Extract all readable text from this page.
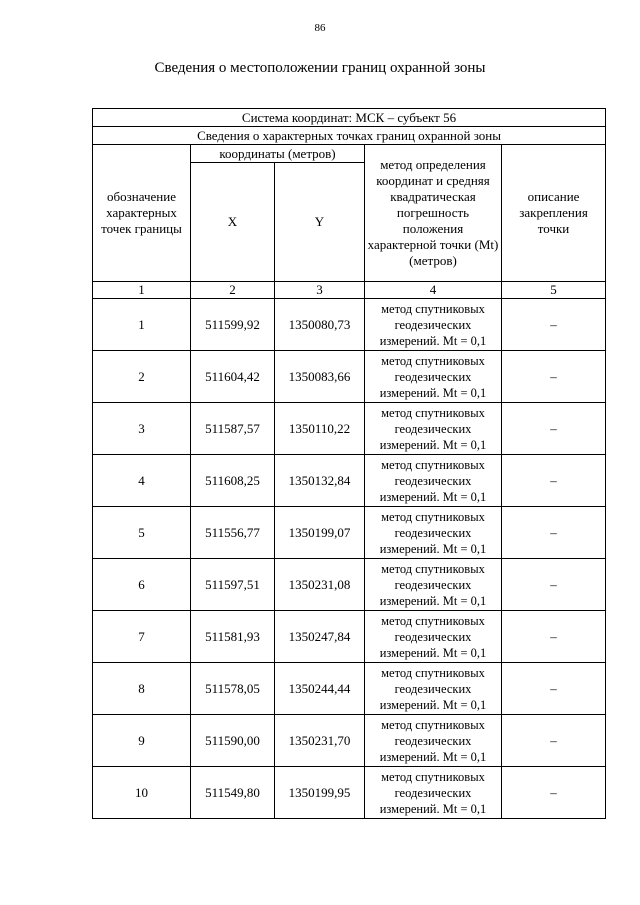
86
Сведения о местоположении границ охранной зоны
Система координат: МСК – субъект 56				
Сведения о характерных точках границ охранной зоны				
обозначение характерных точек границы	координаты (метров)		метод определения координат и средняя квадратическая погрешность положения характерной точки (Mt) (метров)	описание закрепления точки
	X	Y		
1	2	3	4	5
1	511599,92	1350080,73	метод спутниковых
геодезических
измерений. Mt = 0,1	–
2	511604,42	1350083,66	метод спутниковых
геодезических
измерений. Mt = 0,1	–
3	511587,57	1350110,22	метод спутниковых
геодезических
измерений. Mt = 0,1	–
4	511608,25	1350132,84	метод спутниковых
геодезических
измерений. Mt = 0,1	–
5	511556,77	1350199,07	метод спутниковых
геодезических
измерений. Mt = 0,1	–
6	511597,51	1350231,08	метод спутниковых
геодезических
измерений. Mt = 0,1	–
7	511581,93	1350247,84	метод спутниковых
геодезических
измерений. Mt = 0,1	–
8	511578,05	1350244,44	метод спутниковых
геодезических
измерений. Mt = 0,1	–
9	511590,00	1350231,70	метод спутниковых
геодезических
измерений. Mt = 0,1	–
10	511549,80	1350199,95	метод спутниковых
геодезических
измерений. Mt = 0,1	–
